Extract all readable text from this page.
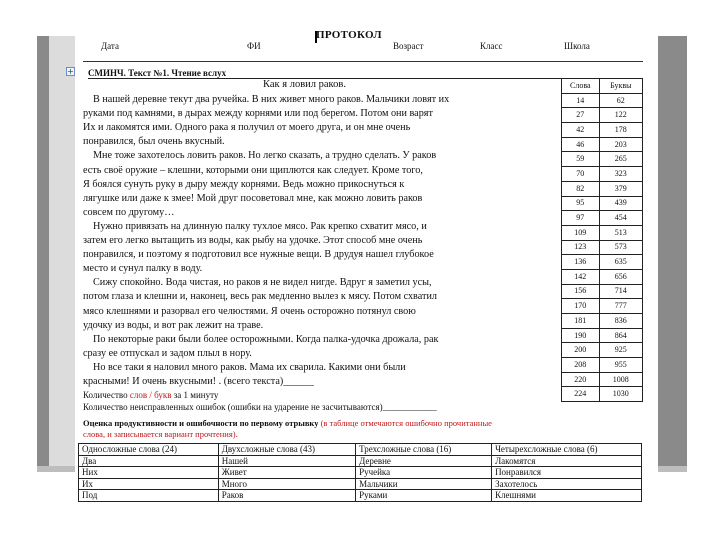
ПРОТОКОЛ
Дата	ФИ	Возраст	Класс	Школа
СМИНЧ. Текст №1. Чтение вслух
Как я ловил раков.
В нашей деревне текут два ручейка. В них живет много раков. Мальчики ловят их
руками под камнями, в дырах между корнями или под берегом. Потом они варят
Их и лакомятся ими. Одного рака я получил от моего друга, и он мне очень
понравился, был очень вкусный.
Мне тоже захотелось ловить раков. Но легко сказать, а трудно сделать. У раков
есть своё оружие – клешни, которыми они щиплются как следует. Кроме того,
Я боялся сунуть руку в дыру между корнями. Ведь можно прикоснуться к
лягушке или даже к змее! Мой друг посоветовал мне, как можно ловить раков
совсем по другому…
Нужно привязать на длинную палку тухлое мясо. Рак крепко схватит мясо, и
затем его легко вытащить из воды, как рыбу на удочке. Этот способ мне очень
понравился, и поэтому я подготовил все нужные вещи. В друдуя нашел глубокое
место и сунул палку в воду.
Сижу спокойно. Вода чистая, но раков я не видел нигде. Вдруг я заметил усы,
потом глаза и клешни и, наконец, весь рак медленно вылез к мясу. Потом схватил
мясо клешнями и разорвал его челюстями. Я очень осторожно потянул свою
удочку из воды, и вот рак лежит на траве.
По некоторые раки были более осторожными. Когда палка-удочка дрожала, рак
сразу ее отпускал и задом плыл в нору.
Но все таки я наловил много раков. Мама их сварила. Какими они были
красными! И очень вкусными! . (всего текста)______
Слова	Буквы
14	62
27	122
42	178
46	203
59	265
70	323
82	379
95	439
97	454
109	513
123	573
136	635
142	656
156	714
170	777
181	836
190	864
200	925
208	955
220	1008
224	1030
Количество слов / букв за 1 минуту
Количество неисправленных ошибок (ошибки на ударение не засчитываются)____________
Оценка продуктивности и ошибочности по первому отрывку (в таблице отмечаются ошибочно прочитанные
слова, и записывается вариант прочтения).
Односложные слова (24)	Двухсложные слова (43)	Трехсложные слова (16)	Четырехсложные слова (6)
Два	Нашей	Деревне	Лакомятся
Них	Живет	Ручейка	Понравился
Их	Много	Мальчики	Захотелось
Под	Раков	Руками	Клешнями
+
